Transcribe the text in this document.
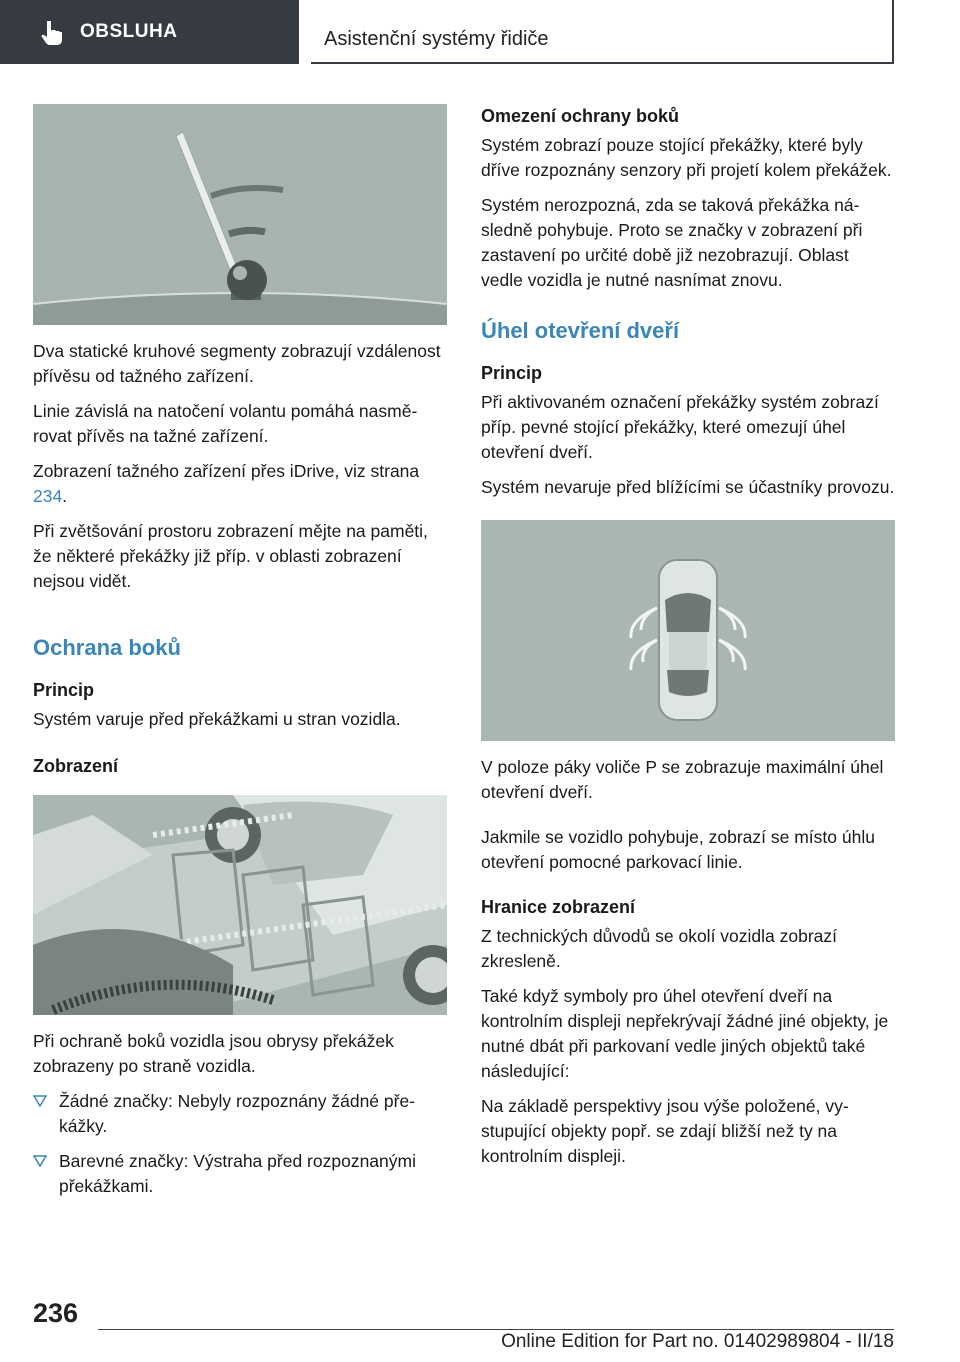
OBSLUHA	Asistenční systémy řidiče

Dva statické kruhové segmenty zobrazují vzdálenost přívěsu od tažného zařízení.

Linie závislá na natočení volantu pomáhá nasměrovat přívěs na tažné zařízení.

Zobrazení tažného zařízení přes iDrive, viz strana 234.

Při zvětšování prostoru zobrazení mějte na paměti, že některé překážky již příp. v oblasti zobrazení nejsou vidět.

Ochrana boků
Princip

Systém varuje před překážkami u stran vozidla.

Zobrazení

Při ochraně boků vozidla jsou obrysy překážek zobrazeny po straně vozidla.

Žádné značky: Nebyly rozpoznány žádné překážky.
Barevné značky: Výstraha před rozpoznanými překážkami.
Omezení ochrany boků

Systém zobrazí pouze stojící překážky, které byly dříve rozpoznány senzory při projetí kolem překážek.

Systém nerozpozná, zda se taková překážka následně pohybuje. Proto se značky v zobrazení při zastavení po určité době již nezobrazují. Oblast vedle vozidla je nutné nasnímat znovu.

Úhel otevření dveří
Princip

Při aktivovaném označení překážky systém zobrazí příp. pevné stojící překážky, které omezují úhel otevření dveří.

Systém nevaruje před blížícími se účastníky provozu.

V poloze páky voliče P se zobrazuje maximální úhel otevření dveří.

Jakmile se vozidlo pohybuje, zobrazí se místo úhlu otevření pomocné parkovací linie.

Hranice zobrazení

Z technických důvodů se okolí vozidla zobrazí zkresleně.

Také když symboly pro úhel otevření dveří na kontrolním displeji nepřekrývají žádné jiné objekty, je nutné dbát při parkovaní vedle jiných objektů také následující:

Na základě perspektivy jsou výše položené, vystupující objekty popř. se zdají bližší než ty na kontrolním displeji.

236
Online Edition for Part no. 01402989804 - II/18
